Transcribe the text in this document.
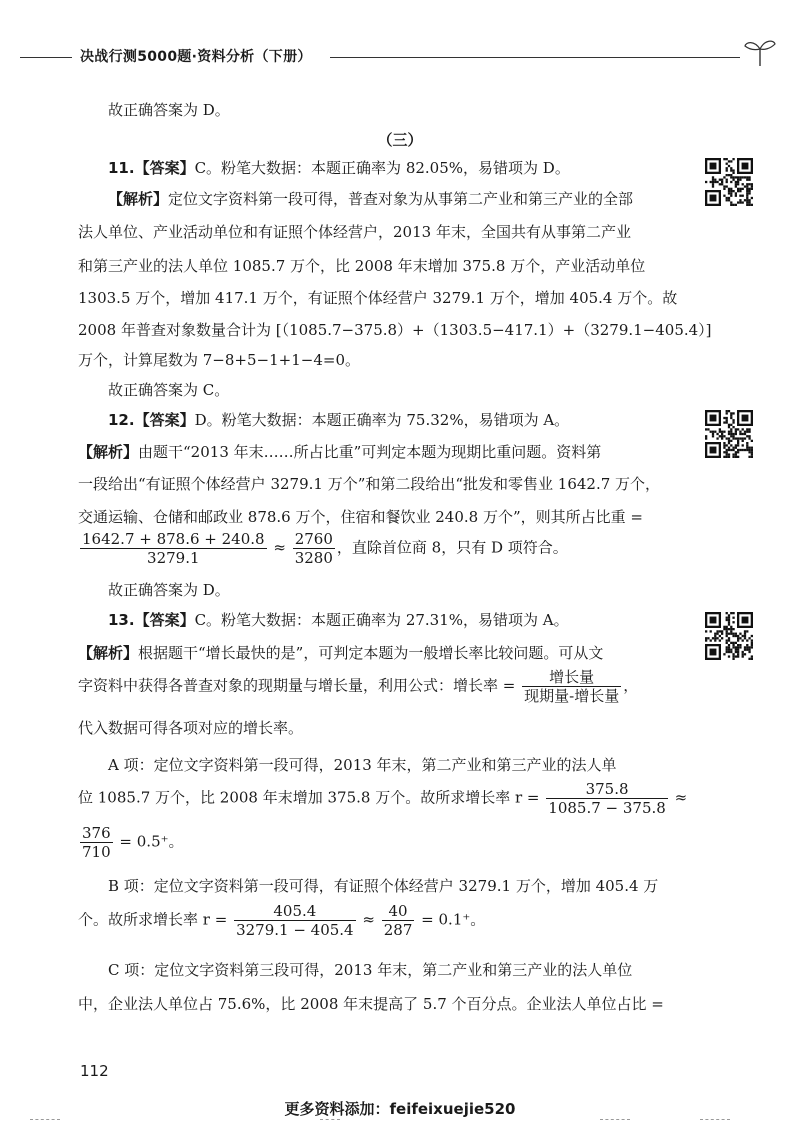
决战行测5000题·资料分析（下册）
故正确答案为 D。
（三）
11.【答案】C。粉笔大数据：本题正确率为 82.05%，易错项为 D。
【解析】定位文字资料第一段可得，普查对象为从事第二产业和第三产业的全部
法人单位、产业活动单位和有证照个体经营户，2013 年末，全国共有从事第二产业
和第三产业的法人单位 1085.7 万个，比 2008 年末增加 375.8 万个，产业活动单位
1303.5 万个，增加 417.1 万个，有证照个体经营户 3279.1 万个，增加 405.4 万个。故
2008 年普查对象数量合计为 [（1085.7−375.8）+（1303.5−417.1）+（3279.1−405.4）]
万个，计算尾数为 7−8+5−1+1−4=0。
故正确答案为 C。
12.【答案】D。粉笔大数据：本题正确率为 75.32%，易错项为 A。
【解析】由题干“2013 年末……所占比重”可判定本题为现期比重问题。资料第
一段给出“有证照个体经营户 3279.1 万个”和第二段给出“批发和零售业 1642.7 万个，
交通运输、仓储和邮政业 878.6 万个，住宿和餐饮业 240.8 万个”，则其所占比重 =
$\frac{1642.7 + 878.6 + 240.8}{3279.1} \approx \frac{2760}{3280}$ ，直除首位商 8，只有 D 项符合。
故正确答案为 D。
13.【答案】C。粉笔大数据：本题正确率为 27.31%，易错项为 A。
【解析】根据题干“增长最快的是”，可判定本题为一般增长率比较问题。可从文
字资料中获得各普查对象的现期量与增长量，利用公式：增长率 = $\frac{\text{增长量}}{\text{现期量-增长量}}$ ，
代入数据可得各项对应的增长率。
A 项：定位文字资料第一段可得，2013 年末，第二产业和第三产业的法人单
位 1085.7 万个，比 2008 年末增加 375.8 万个。故所求增长率 $r = \frac{375.8}{1085.7 - 375.8}$ ≈
$\frac{376}{710} = 0.5^+$。
B 项：定位文字资料第一段可得，有证照个体经营户 3279.1 万个，增加 405.4 万
个。故所求增长率 $r = \frac{405.4}{3279.1 - 405.4} \approx \frac{40}{287} = 0.1^+$。
C 项：定位文字资料第三段可得，2013 年末，第二产业和第三产业的法人单位
中，企业法人单位占 75.6%，比 2008 年末提高了 5.7 个百分点。企业法人单位占比 =
112
更多资料添加：feifeixuejie520
